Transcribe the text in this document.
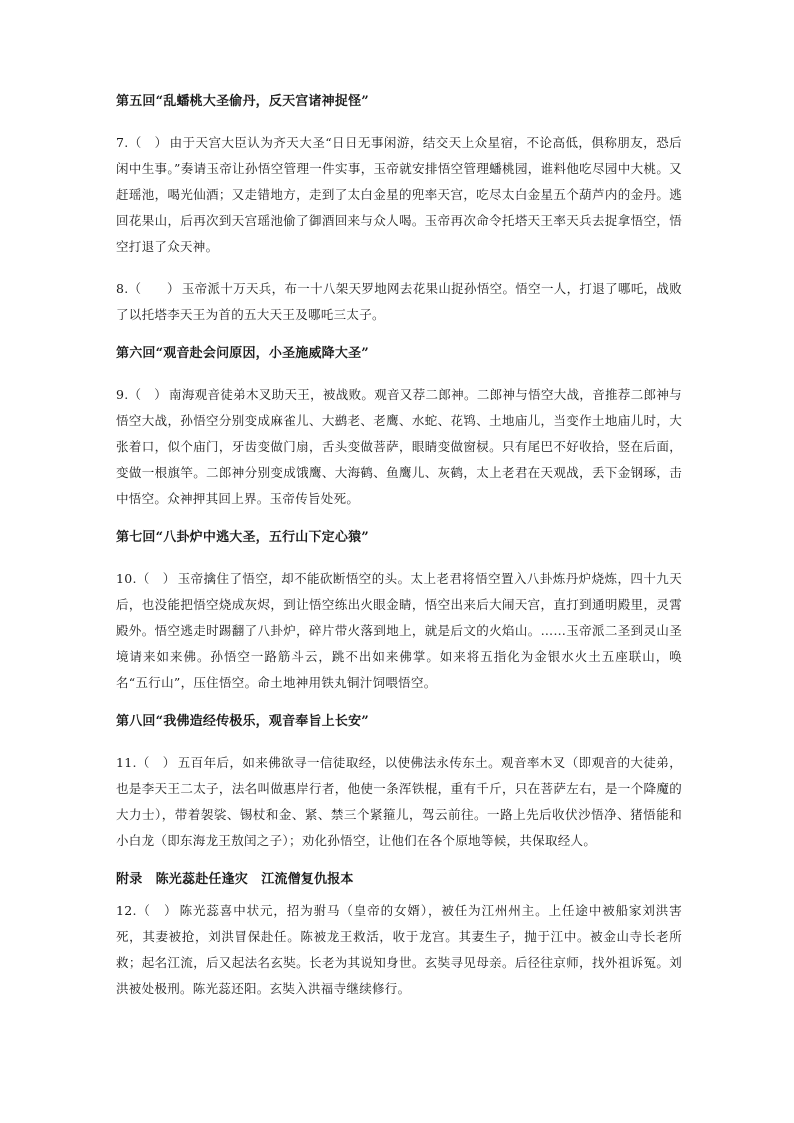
第五回“乱蟠桃大圣偷丹，反天宫诸神捉怪”

7.（　） 由于天宫大臣认为齐天大圣“日日无事闲游，结交天上众星宿，不论高低，俱称朋友，恐后闲中生事。”奏请玉帝让孙悟空管理一件实事，玉帝就安排悟空管理蟠桃园，谁料他吃尽园中大桃。又赶瑶池，喝光仙酒；又走错地方，走到了太白金星的兜率天宫，吃尽太白金星五个葫芦内的金丹。逃回花果山，后再次到天宫瑶池偷了御酒回来与众人喝。玉帝再次命令托塔天王率天兵去捉拿悟空，悟空打退了众天神。

8.（　　） 玉帝派十万天兵，布一十八架天罗地网去花果山捉孙悟空。悟空一人，打退了哪吒，战败了以托塔李天王为首的五大天王及哪吒三太子。

第六回“观音赴会问原因，小圣施威降大圣”

9.（　） 南海观音徒弟木叉助天王，被战败。观音又荐二郎神。二郎神与悟空大战，音推荐二郎神与悟空大战，孙悟空分别变成麻雀儿、大鹚老、老鹰、水蛇、花鸨、土地庙儿，当变作土地庙儿时，大张着口，似个庙门，牙齿变做门扇，舌头变做菩萨，眼睛变做窗棂。只有尾巴不好收拾，竖在后面，变做一根旗竿。二郎神分别变成饿鹰、大海鹤、鱼鹰儿、灰鹤，太上老君在天观战，丢下金钢琢，击中悟空。众神押其回上界。玉帝传旨处死。

第七回“八卦炉中逃大圣，五行山下定心猿”

10.（　） 玉帝擒住了悟空，却不能砍断悟空的头。太上老君将悟空置入八卦炼丹炉烧炼，四十九天后，也没能把悟空烧成灰烬，到让悟空练出火眼金睛，悟空出来后大闹天宫，直打到通明殿里，灵霄殿外。悟空逃走时踢翻了八卦炉，碎片带火落到地上，就是后文的火焰山。……玉帝派二圣到灵山圣境请来如来佛。孙悟空一路筋斗云，跳不出如来佛掌。如来将五指化为金银水火土五座联山，唤名“五行山”，压住悟空。命土地神用铁丸铜汁饲喂悟空。

第八回“我佛造经传极乐，观音奉旨上长安”

11.（　） 五百年后，如来佛欲寻一信徒取经，以使佛法永传东土。观音率木叉（即观音的大徒弟，也是李天王二太子，法名叫做惠岸行者，他使一条浑铁棍，重有千斤，只在菩萨左右，是一个降魔的大力士），带着袈裟、锡杖和金、紧、禁三个紧箍儿，驾云前往。一路上先后收伏沙悟净、猪悟能和小白龙（即东海龙王敖闰之子）；劝化孙悟空，让他们在各个原地等候，共保取经人。

附录　陈光蕊赴任逢灾　江流僧复仇报本

12.（　） 陈光蕊喜中状元，招为驸马（皇帝的女婿），被任为江州州主。上任途中被船家刘洪害死，其妻被抢，刘洪冒保赴任。陈被龙王救活，收于龙宫。其妻生子，抛于江中。被金山寺长老所救；起名江流，后又起法名玄奘。长老为其说知身世。玄奘寻见母亲。后径往京师，找外祖诉冤。刘洪被处极刑。陈光蕊还阳。玄奘入洪福寺继续修行。
